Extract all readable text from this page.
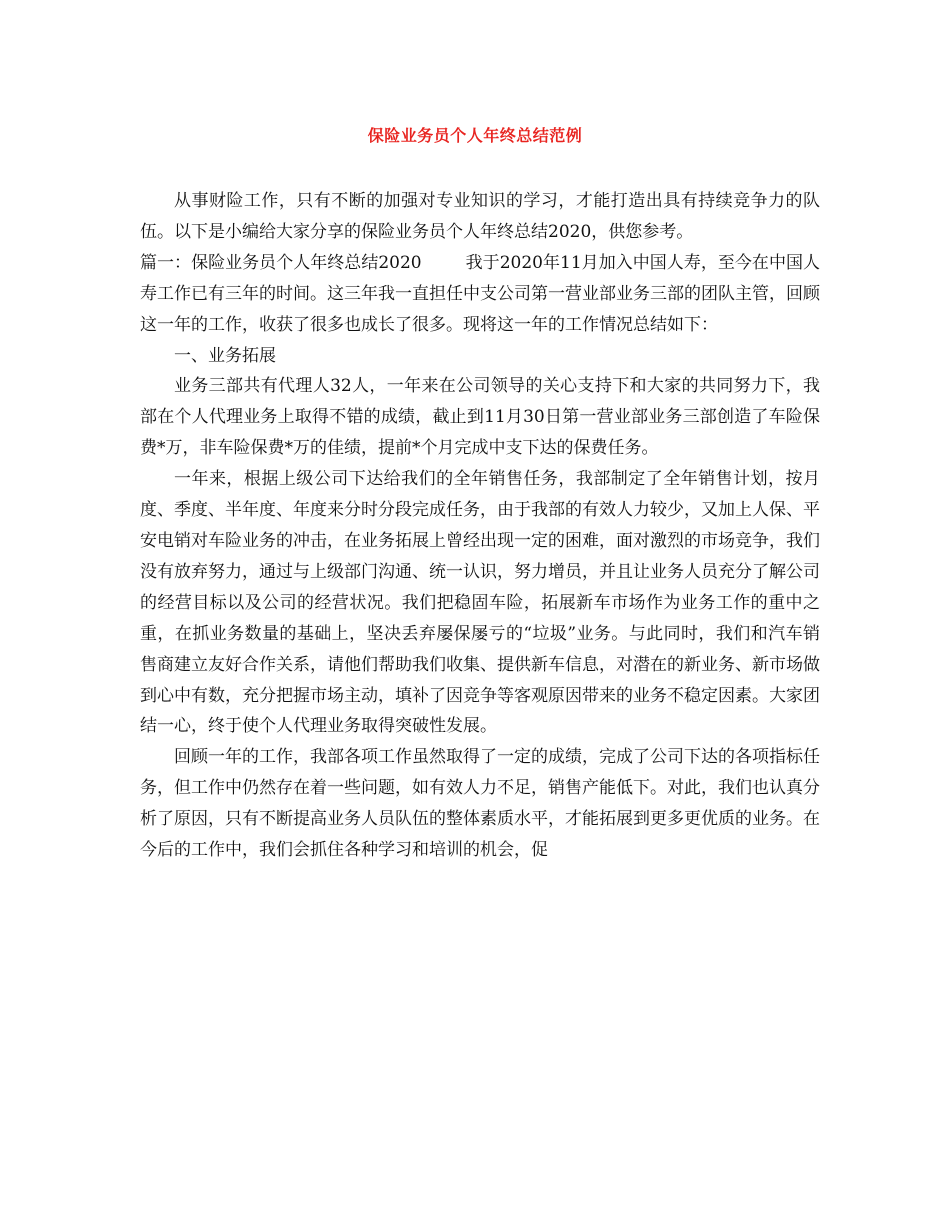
保险业务员个人年终总结范例

从事财险工作，只有不断的加强对专业知识的学习，才能打造出具有持续竞争力的队伍。以下是小编给大家分享的保险业务员个人年终总结2020，供您参考。

篇一：保险业务员个人年终总结2020	我于2020年11月加入中国人寿，至今在中国人寿工作已有三年的时间。这三年我一直担任中支公司第一营业部业务三部的团队主管，回顾这一年的工作，收获了很多也成长了很多。现将这一年的工作情况总结如下：

一、业务拓展

业务三部共有代理人32人，一年来在公司领导的关心支持下和大家的共同努力下，我部在个人代理业务上取得不错的成绩，截止到11月30日第一营业部业务三部创造了车险保费*万，非车险保费*万的佳绩，提前*个月完成中支下达的保费任务。

一年来，根据上级公司下达给我们的全年销售任务，我部制定了全年销售计划，按月度、季度、半年度、年度来分时分段完成任务，由于我部的有效人力较少，又加上人保、平安电销对车险业务的冲击，在业务拓展上曾经出现一定的困难，面对激烈的市场竞争，我们没有放弃努力，通过与上级部门沟通、统一认识，努力增员，并且让业务人员充分了解公司的经营目标以及公司的经营状况。我们把稳固车险，拓展新车市场作为业务工作的重中之重，在抓业务数量的基础上，坚决丢弃屡保屡亏的“垃圾”业务。与此同时，我们和汽车销售商建立友好合作关系，请他们帮助我们收集、提供新车信息，对潜在的新业务、新市场做到心中有数，充分把握市场主动，填补了因竞争等客观原因带来的业务不稳定因素。大家团结一心，终于使个人代理业务取得突破性发展。

回顾一年的工作，我部各项工作虽然取得了一定的成绩，完成了公司下达的各项指标任务，但工作中仍然存在着一些问题，如有效人力不足，销售产能低下。对此，我们也认真分析了原因，只有不断提高业务人员队伍的整体素质水平，才能拓展到更多更优质的业务。在今后的工作中，我们会抓住各种学习和培训的机会，促
